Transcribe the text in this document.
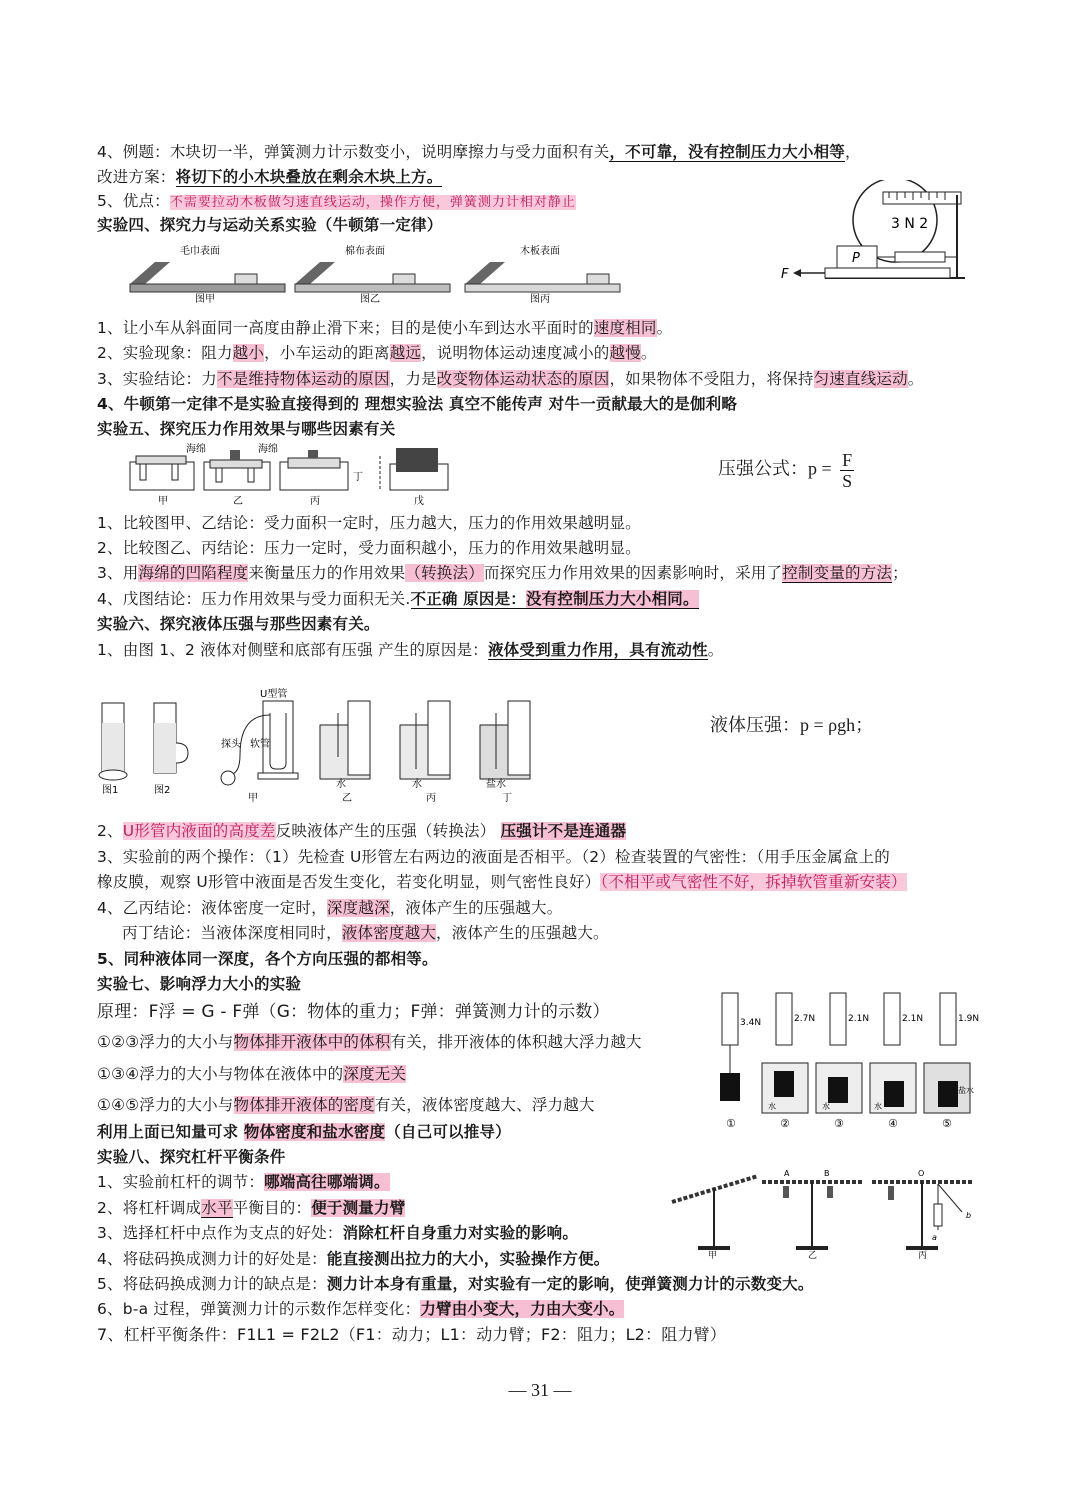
4、例题：木块切一半，弹簧测力计示数变小，说明摩擦力与受力面积有关，不可靠，没有控制压力大小相等，
改进方案：将切下的小木块叠放在剩余木块上方。
5、优点：不需要拉动木板做匀速直线运动，操作方便，弹簧测力计相对静止
实验四、探究力与运动关系实验（牛顿第一定律）
1、让小车从斜面同一高度由静止滑下来；目的是使小车到达水平面时的速度相同。
2、实验现象：阻力越小，小车运动的距离越远，说明物体运动速度减小的越慢。
3、实验结论：力不是维持物体运动的原因，力是改变物体运动状态的原因，如果物体不受阻力，将保持匀速直线运动。
4、牛顿第一定律不是实验直接得到的 理想实验法 真空不能传声 对牛一贡献最大的是伽利略
实验五、探究压力作用效果与哪些因素有关
1、比较图甲、乙结论：受力面积一定时，压力越大，压力的作用效果越明显。
2、比较图乙、丙结论：压力一定时，受力面积越小，压力的作用效果越明显。
3、用海绵的凹陷程度来衡量压力的作用效果（转换法）而探究压力作用效果的因素影响时，采用了控制变量的方法；
4、戊图结论：压力作用效果与受力面积无关.不正确 原因是：没有控制压力大小相同。
实验六、探究液体压强与那些因素有关。
1、由图 1、2 液体对侧壁和底部有压强 产生的原因是：液体受到重力作用，具有流动性。
2、U形管内液面的高度差反映液体产生的压强（转换法） 压强计不是连通器
3、实验前的两个操作：（1）先检查 U形管左右两边的液面是否相平。（2）检查装置的气密性：（用手压金属盒上的
橡皮膜，观察 U形管中液面是否发生变化，若变化明显，则气密性良好）（不相平或气密性不好，拆掉软管重新安装）
4、乙丙结论：液体密度一定时，深度越深，液体产生的压强越大。
丙丁结论：当液体深度相同时，液体密度越大，液体产生的压强越大。
5、同种液体同一深度，各个方向压强的都相等。
实验七、影响浮力大小的实验
原理：F浮 = G - F弹（G：物体的重力；F弹：弹簧测力计的示数）
①②③浮力的大小与物体排开液体中的体积有关，排开液体的体积越大浮力越大
①③④浮力的大小与物体在液体中的深度无关
①④⑤浮力的大小与物体排开液体的密度有关，液体密度越大、浮力越大
利用上面已知量可求 物体密度和盐水密度（自己可以推导）
实验八、探究杠杆平衡条件
1、实验前杠杆的调节：哪端高往哪端调。
2、将杠杆调成水平平衡目的：便于测量力臂
3、选择杠杆中点作为支点的好处：消除杠杆自身重力对实验的影响。
4、将砝码换成测力计的好处是：能直接测出拉力的大小，实验操作方便。
5、将砝码换成测力计的缺点是：测力计本身有重量，对实验有一定的影响，使弹簧测力计的示数变大。
6、b-a 过程，弹簧测力计的示数作怎样变化：力臂由小变大，力由大变小。
7、杠杆平衡条件：F1L1 = F2L2（F1：动力；L1：动力臂；F2：阻力；L2：阻力臂）
压强公式：$p = \frac{F}{S}$
液体压强：p = ρgh；
3 N 2
P
F
毛巾表面
图甲
棉布表面
图乙
木板表面
图丙
海绵
甲
海绵
乙
丁
丙	戊
图1	图2
U型管
探头 软管
甲
水
乙
水
丙
盐水
丁
3.4N
①
2.7N
水
②
2.1N
水
③
2.1N
水
④
1.9N
盐水
⑤
甲
A	B
乙
O
a
b
丙
— 31 —
